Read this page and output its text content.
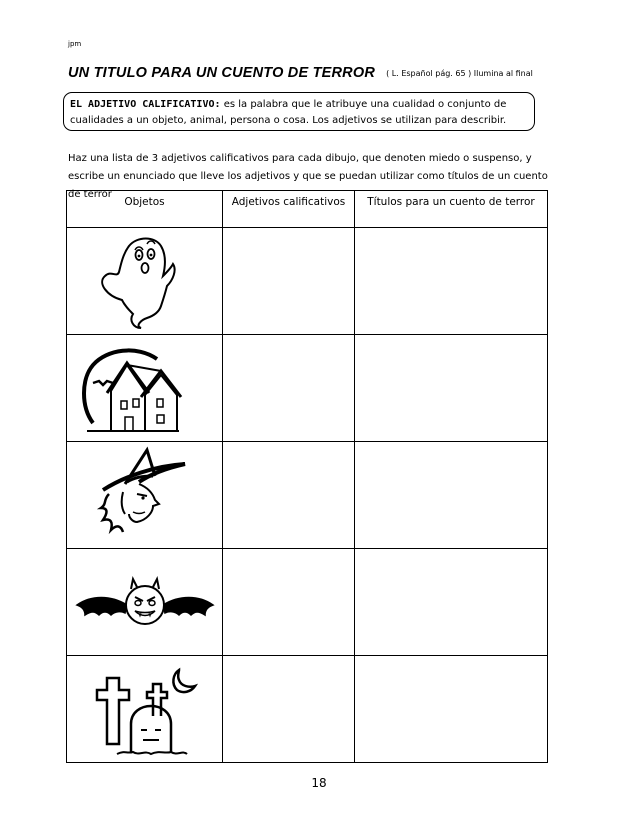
jpm
UN TITULO PARA UN CUENTO DE TERROR ( L. Español pág. 65 ) Ilumina al final
EL ADJETIVO CALIFICATIVO: es la palabra que le atribuye una cualidad o conjunto de cualidades a un objeto, animal, persona o cosa. Los adjetivos se utilizan para describir.
Haz una lista de 3 adjetivos calificativos para cada dibujo, que denoten miedo o suspenso, y escribe un enunciado que lleve los adjetivos y que se puedan utilizar como títulos de un cuento de terror
Objetos	Adjetivos calificativos	Títulos para un cuento de terror

18
